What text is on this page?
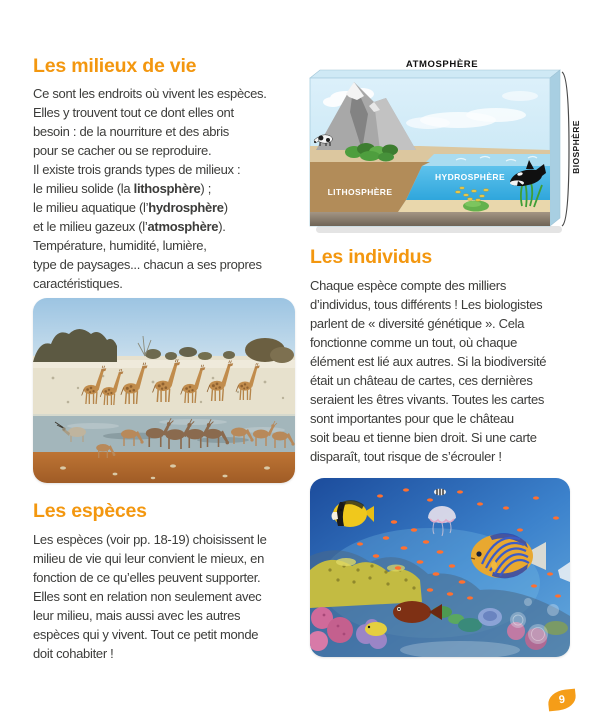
Les milieux de vie
Ce sont les endroits où vivent les espèces.
Elles y trouvent tout ce dont elles ont
besoin : de la nourriture et des abris
pour se cacher ou se reproduire.
Il existe trois grands types de milieux :
le milieu solide (la lithosphère) ;
le milieu aquatique (l’hydrosphère)
et le milieu gazeux (l’atmosphère).
Température, humidité, lumière,
type de paysages... chacun a ses propres
caractéristiques.
Les espèces
Les espèces (voir pp. 18-19) choisissent le
milieu de vie qui leur convient le mieux, en
fonction de ce qu’elles peuvent supporter.
Elles sont en relation non seulement avec
leur milieu, mais aussi avec les autres
espèces qui y vivent. Tout ce petit monde
doit cohabiter !
ATMOSPHÈRE
LITHOSPHÈRE
HYDROSPHÈRE
BIOSPHÈRE
Les individus
Chaque espèce compte des milliers
d’individus, tous différents ! Les biologistes
parlent de « diversité génétique ». Cela
fonctionne comme un tout, où chaque
élément est lié aux autres. Si la biodiversité
était un château de cartes, ces dernières
seraient les êtres vivants. Toutes les cartes
sont importantes pour que le château
soit beau et tienne bien droit. Si une carte
disparaît, tout risque de s’écrouler !
9
